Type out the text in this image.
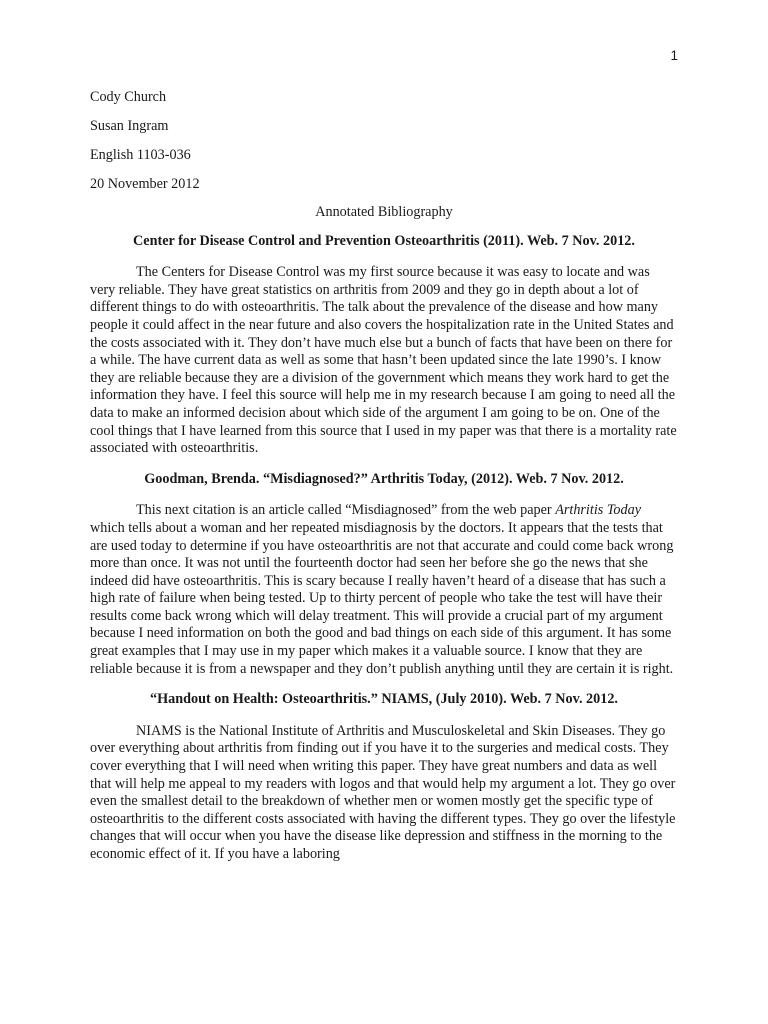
1
Cody Church
Susan Ingram
English 1103-036
20 November 2012
Annotated Bibliography
Center for Disease Control and Prevention Osteoarthritis (2011). Web. 7 Nov. 2012.

The Centers for Disease Control was my first source because it was easy to locate and was very reliable. They have great statistics on arthritis from 2009 and they go in depth about a lot of different things to do with osteoarthritis. The talk about the prevalence of the disease and how many people it could affect in the near future and also covers the hospitalization rate in the United States and the costs associated with it. They don’t have much else but a bunch of facts that have been on there for a while. The have current data as well as some that hasn’t been updated since the late 1990’s. I know they are reliable because they are a division of the government which means they work hard to get the information they have. I feel this source will help me in my research because I am going to need all the data to make an informed decision about which side of the argument I am going to be on. One of the cool things that I have learned from this source that I used in my paper was that there is a mortality rate associated with osteoarthritis.

Goodman, Brenda. “Misdiagnosed?” Arthritis Today, (2012). Web. 7 Nov. 2012.

This next citation is an article called “Misdiagnosed” from the web paper Arthritis Today which tells about a woman and her repeated misdiagnosis by the doctors. It appears that the tests that are used today to determine if you have osteoarthritis are not that accurate and could come back wrong more than once. It was not until the fourteenth doctor had seen her before she go the news that she indeed did have osteoarthritis. This is scary because I really haven’t heard of a disease that has such a high rate of failure when being tested. Up to thirty percent of people who take the test will have their results come back wrong which will delay treatment. This will provide a crucial part of my argument because I need information on both the good and bad things on each side of this argument. It has some great examples that I may use in my paper which makes it a valuable source. I know that they are reliable because it is from a newspaper and they don’t publish anything until they are certain it is right.

“Handout on Health: Osteoarthritis.” NIAMS, (July 2010). Web. 7 Nov. 2012.

NIAMS is the National Institute of Arthritis and Musculoskeletal and Skin Diseases. They go over everything about arthritis from finding out if you have it to the surgeries and medical costs. They cover everything that I will need when writing this paper. They have great numbers and data as well that will help me appeal to my readers with logos and that would help my argument a lot. They go over even the smallest detail to the breakdown of whether men or women mostly get the specific type of osteoarthritis to the different costs associated with having the different types. They go over the lifestyle changes that will occur when you have the disease like depression and stiffness in the morning to the economic effect of it. If you have a laboring
